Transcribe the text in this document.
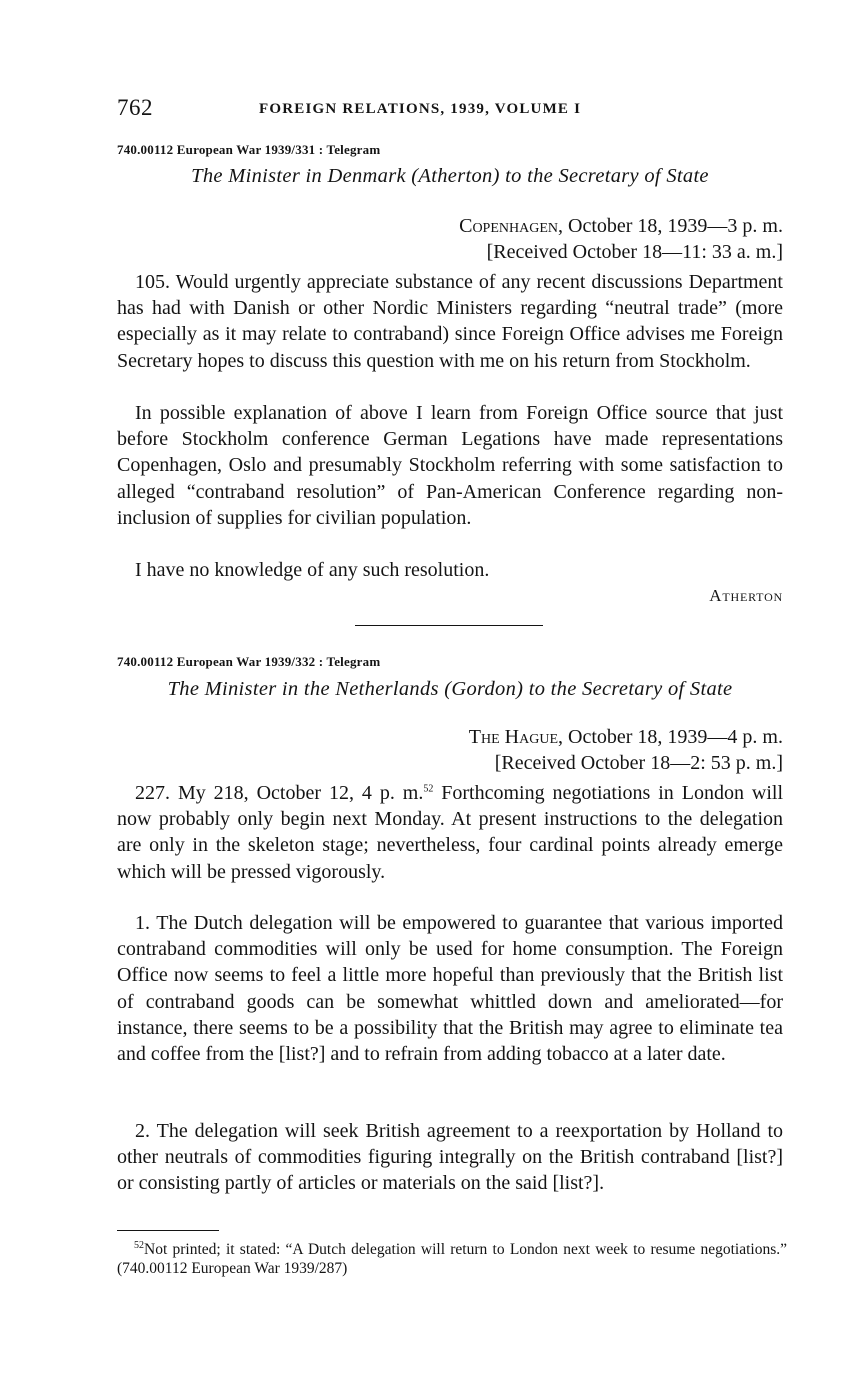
762	FOREIGN RELATIONS, 1939, VOLUME I
740.00112 European War 1939/331 : Telegram
The Minister in Denmark (Atherton) to the Secretary of State
Copenhagen, October 18, 1939—3 p. m.
[Received October 18—11: 33 a. m.]

105. Would urgently appreciate substance of any recent discussions Department has had with Danish or other Nordic Ministers regarding “neutral trade” (more especially as it may relate to contraband) since Foreign Office advises me Foreign Secretary hopes to discuss this question with me on his return from Stockholm.

In possible explanation of above I learn from Foreign Office source that just before Stockholm conference German Legations have made representations Copenhagen, Oslo and presumably Stockholm referring with some satisfaction to alleged “contraband resolution” of Pan-American Conference regarding non-inclusion of supplies for civilian population.

I have no knowledge of any such resolution.

Atherton
740.00112 European War 1939/332 : Telegram
The Minister in the Netherlands (Gordon) to the Secretary of State
The Hague, October 18, 1939—4 p. m.
[Received October 18—2: 53 p. m.]

227. My 218, October 12, 4 p. m.$^{52}$ Forthcoming negotiations in London will now probably only begin next Monday. At present instructions to the delegation are only in the skeleton stage; nevertheless, four cardinal points already emerge which will be pressed vigorously.

1. The Dutch delegation will be empowered to guarantee that various imported contraband commodities will only be used for home consumption. The Foreign Office now seems to feel a little more hopeful than previously that the British list of contraband goods can be somewhat whittled down and ameliorated—for instance, there seems to be a possibility that the British may agree to eliminate tea and coffee from the [list?] and to refrain from adding tobacco at a later date.

2. The delegation will seek British agreement to a reexportation by Holland to other neutrals of commodities figuring integrally on the British contraband [list?] or consisting partly of articles or materials on the said [list?].

$^{52}$Not printed; it stated: “A Dutch delegation will return to London next week to resume negotiations.” (740.00112 European War 1939/287)
